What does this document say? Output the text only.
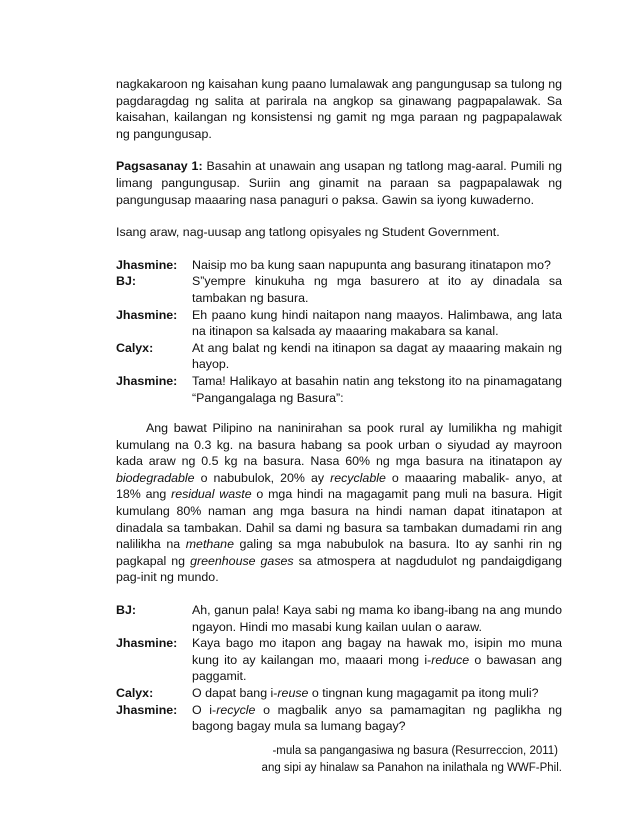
nagkakaroon ng kaisahan kung paano lumalawak ang pangungusap sa tulong ng pagdaragdag ng salita at parirala na angkop sa ginawang pagpapalawak. Sa kaisahan, kailangan ng konsistensi ng gamit ng mga paraan ng pagpapalawak ng pangungusap.

Pagsasanay 1: Basahin at unawain ang usapan ng tatlong mag-aaral. Pumili ng limang pangungusap. Suriin ang ginamit na paraan sa pagpapalawak ng pangungusap maaaring nasa panaguri o paksa. Gawin sa iyong kuwaderno.

Isang araw, nag-uusap ang tatlong opisyales ng Student Government.

Jhasmine:	Naisip mo ba kung saan napupunta ang basurang itinatapon mo?
BJ:	S”yempre kinukuha ng mga basurero at ito ay dinadala sa tambakan ng basura.
Jhasmine:	Eh paano kung hindi naitapon nang maayos. Halimbawa, ang lata na itinapon sa kalsada ay maaaring makabara sa kanal.
Calyx:	At ang balat ng kendi na itinapon sa dagat ay maaaring makain ng hayop.
Jhasmine:	Tama! Halikayo at basahin natin ang tekstong ito na pinamagatang “Pangangalaga ng Basura”:

Ang bawat Pilipino na naninirahan sa pook rural ay lumilikha ng mahigit kumulang na 0.3 kg. na basura habang sa pook urban o siyudad ay mayroon kada araw ng 0.5 kg na basura. Nasa 60% ng mga basura na itinatapon ay biodegradable o nabubulok, 20% ay recyclable o maaaring mabalik- anyo, at 18% ang residual waste o mga hindi na magagamit pang muli na basura. Higit kumulang 80% naman ang mga basura na hindi naman dapat itinatapon at dinadala sa tambakan. Dahil sa dami ng basura sa tambakan dumadami rin ang nalilikha na methane galing sa mga nabubulok na basura. Ito ay sanhi rin ng pagkapal ng greenhouse gases sa atmospera at nagdudulot ng pandaigdigang pag-init ng mundo.

BJ:	Ah, ganun pala! Kaya sabi ng mama ko ibang-ibang na ang mundo ngayon. Hindi mo masabi kung kailan uulan o aaraw.
Jhasmine:	Kaya bago mo itapon ang bagay na hawak mo, isipin mo muna kung ito ay kailangan mo, maaari mong i-reduce o bawasan ang paggamit.
Calyx:	O dapat bang i-reuse o tingnan kung magagamit pa itong muli?
Jhasmine:	O i-recycle o magbalik anyo sa pamamagitan ng paglikha ng bagong bagay mula sa lumang bagay?
-mula sa pangangasiwa ng basura (Resurreccion, 2011)
ang sipi ay hinalaw sa Panahon na inilathala ng WWF-Phil.
